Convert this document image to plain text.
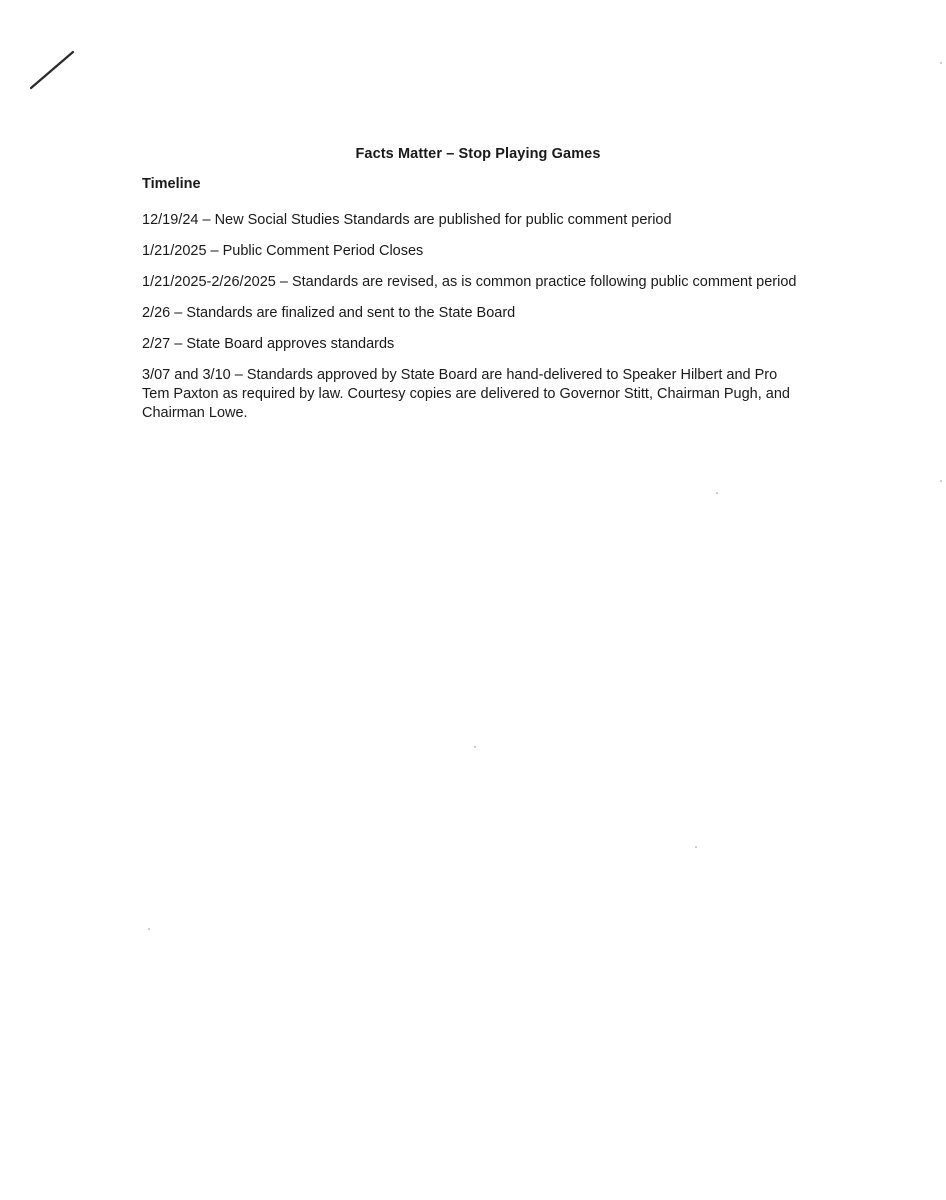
Facts Matter – Stop Playing Games
Timeline
12/19/24 – New Social Studies Standards are published for public comment period
1/21/2025 – Public Comment Period Closes
1/21/2025-2/26/2025 – Standards are revised, as is common practice following public comment period
2/26 – Standards are finalized and sent to the State Board
2/27 – State Board approves standards
3/07 and 3/10 – Standards approved by State Board are hand-delivered to Speaker Hilbert and Pro Tem Paxton as required by law. Courtesy copies are delivered to Governor Stitt, Chairman Pugh, and Chairman Lowe.
